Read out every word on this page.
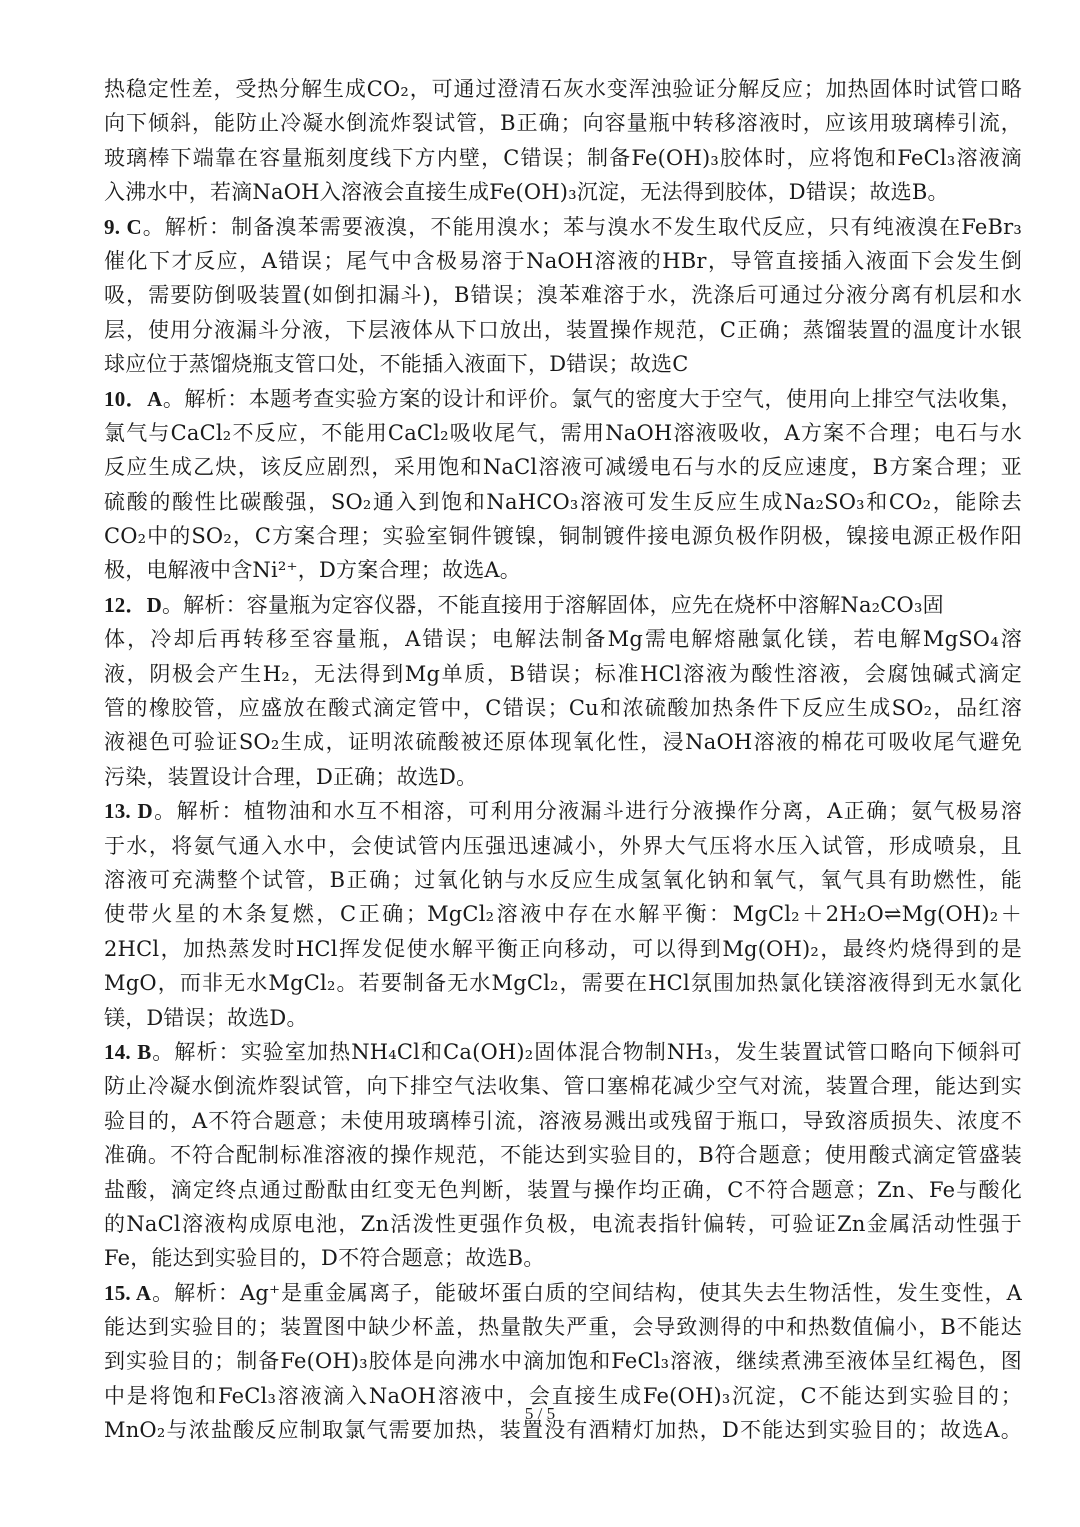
热稳定性差，受热分解生成CO₂，可通过澄清石灰水变浑浊验证分解反应；加热固体时试管口略
向下倾斜，能防止冷凝水倒流炸裂试管，B正确；向容量瓶中转移溶液时，应该用玻璃棒引流，
玻璃棒下端靠在容量瓶刻度线下方内壁，C错误；制备Fe(OH)₃胶体时，应将饱和FeCl₃溶液滴
入沸水中，若滴NaOH入溶液会直接生成Fe(OH)₃沉淀，无法得到胶体，D错误；故选B。
9. C。解析：制备溴苯需要液溴，不能用溴水；苯与溴水不发生取代反应，只有纯液溴在FeBr₃
催化下才反应，A错误；尾气中含极易溶于NaOH溶液的HBr，导管直接插入液面下会发生倒
吸，需要防倒吸装置(如倒扣漏斗)，B错误；溴苯难溶于水，洗涤后可通过分液分离有机层和水
层，使用分液漏斗分液，下层液体从下口放出，装置操作规范，C正确；蒸馏装置的温度计水银
球应位于蒸馏烧瓶支管口处，不能插入液面下，D错误；故选C
10．A。解析：本题考查实验方案的设计和评价。氯气的密度大于空气，使用向上排空气法收集，
氯气与CaCl₂不反应，不能用CaCl₂吸收尾气，需用NaOH溶液吸收，A方案不合理；电石与水
反应生成乙炔，该反应剧烈，采用饱和NaCl溶液可减缓电石与水的反应速度，B方案合理；亚
硫酸的酸性比碳酸强，SO₂通入到饱和NaHCO₃溶液可发生反应生成Na₂SO₃和CO₂，能除去
CO₂中的SO₂，C方案合理；实验室铜件镀镍，铜制镀件接电源负极作阴极，镍接电源正极作阳
极，电解液中含Ni²⁺，D方案合理；故选A。
12．D。解析：容量瓶为定容仪器，不能直接用于溶解固体，应先在烧杯中溶解Na₂CO₃固
体，冷却后再转移至容量瓶，A错误；电解法制备Mg需电解熔融氯化镁，若电解MgSO₄溶
液，阴极会产生H₂，无法得到Mg单质，B错误；标准HCl溶液为酸性溶液，会腐蚀碱式滴定
管的橡胶管，应盛放在酸式滴定管中，C错误；Cu和浓硫酸加热条件下反应生成SO₂，品红溶
液褪色可验证SO₂生成，证明浓硫酸被还原体现氧化性，浸NaOH溶液的棉花可吸收尾气避免
污染，装置设计合理，D正确；故选D。
13. D。解析：植物油和水互不相溶，可利用分液漏斗进行分液操作分离，A正确；氨气极易溶
于水，将氨气通入水中，会使试管内压强迅速减小，外界大气压将水压入试管，形成喷泉，且
溶液可充满整个试管，B正确；过氧化钠与水反应生成氢氧化钠和氧气，氧气具有助燃性，能
使带火星的木条复燃，C正确；MgCl₂溶液中存在水解平衡：MgCl₂＋2H₂O⇌Mg(OH)₂＋
2HCl，加热蒸发时HCl挥发促使水解平衡正向移动，可以得到Mg(OH)₂，最终灼烧得到的是
MgO，而非无水MgCl₂。若要制备无水MgCl₂，需要在HCl氛围加热氯化镁溶液得到无水氯化
镁，D错误；故选D。
14. B。解析：实验室加热NH₄Cl和Ca(OH)₂固体混合物制NH₃，发生装置试管口略向下倾斜可
防止冷凝水倒流炸裂试管，向下排空气法收集、管口塞棉花减少空气对流，装置合理，能达到实
验目的，A不符合题意；未使用玻璃棒引流，溶液易溅出或残留于瓶口，导致溶质损失、浓度不
准确。不符合配制标准溶液的操作规范，不能达到实验目的，B符合题意；使用酸式滴定管盛装
盐酸，滴定终点通过酚酞由红变无色判断，装置与操作均正确，C不符合题意；Zn、Fe与酸化
的NaCl溶液构成原电池，Zn活泼性更强作负极，电流表指针偏转，可验证Zn金属活动性强于
Fe，能达到实验目的，D不符合题意；故选B。
15. A。解析：Ag⁺是重金属离子，能破坏蛋白质的空间结构，使其失去生物活性，发生变性，A
能达到实验目的；装置图中缺少杯盖，热量散失严重，会导致测得的中和热数值偏小，B不能达
到实验目的；制备Fe(OH)₃胶体是向沸水中滴加饱和FeCl₃溶液，继续煮沸至液体呈红褐色，图
中是将饱和FeCl₃溶液滴入NaOH溶液中，会直接生成Fe(OH)₃沉淀，C不能达到实验目的；
MnO₂与浓盐酸反应制取氯气需要加热，装置没有酒精灯加热，D不能达到实验目的；故选A。
5 / 5
